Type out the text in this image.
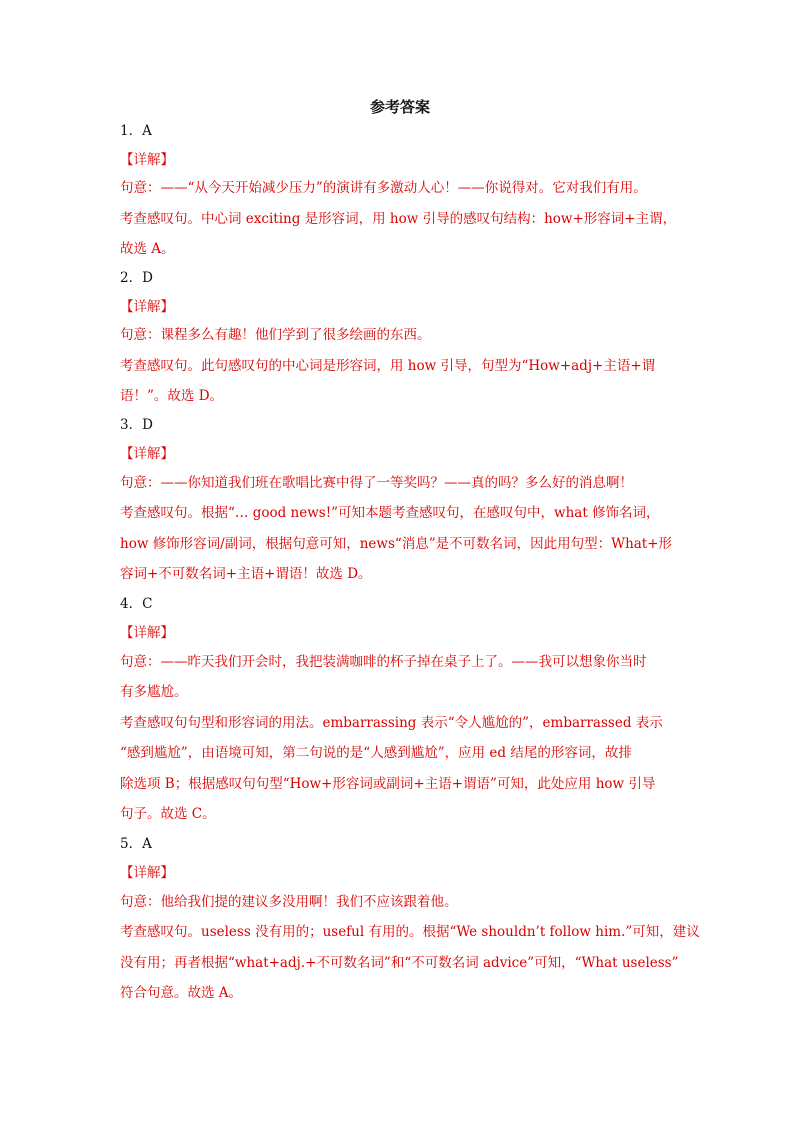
参考答案
1．A
【详解】
句意：——“从今天开始减少压力”的演讲有多激动人心！——你说得对。它对我们有用。
考查感叹句。中心词 exciting 是形容词，用 how 引导的感叹句结构：how+形容词+主谓，
故选 A。
2．D
【详解】
句意：课程多么有趣！他们学到了很多绘画的东西。
考查感叹句。此句感叹句的中心词是形容词，用 how 引导，句型为“How+adj+主语+谓
语！”。故选 D。
3．D
【详解】
句意：——你知道我们班在歌唱比赛中得了一等奖吗？——真的吗？多么好的消息啊！
考查感叹句。根据“… good news!”可知本题考查感叹句，在感叹句中，what 修饰名词，
how 修饰形容词/副词，根据句意可知，news“消息”是不可数名词，因此用句型：What+形
容词+不可数名词+主语+谓语！故选 D。
4．C
【详解】
句意：——昨天我们开会时，我把装满咖啡的杯子掉在桌子上了。——我可以想象你当时
有多尴尬。
考查感叹句句型和形容词的用法。embarrassing 表示“令人尴尬的”，embarrassed 表示
“感到尴尬”，由语境可知，第二句说的是“人感到尴尬”，应用 ed 结尾的形容词，故排
除选项 B；根据感叹句句型“How+形容词或副词+主语+谓语”可知，此处应用 how 引导
句子。故选 C。
5．A
【详解】
句意：他给我们提的建议多没用啊！我们不应该跟着他。
考查感叹句。useless 没有用的；useful 有用的。根据“We shouldn’t follow him.”可知，建议
没有用；再者根据“what+adj.+不可数名词”和“不可数名词 advice”可知，“What useless”
符合句意。故选 A。
